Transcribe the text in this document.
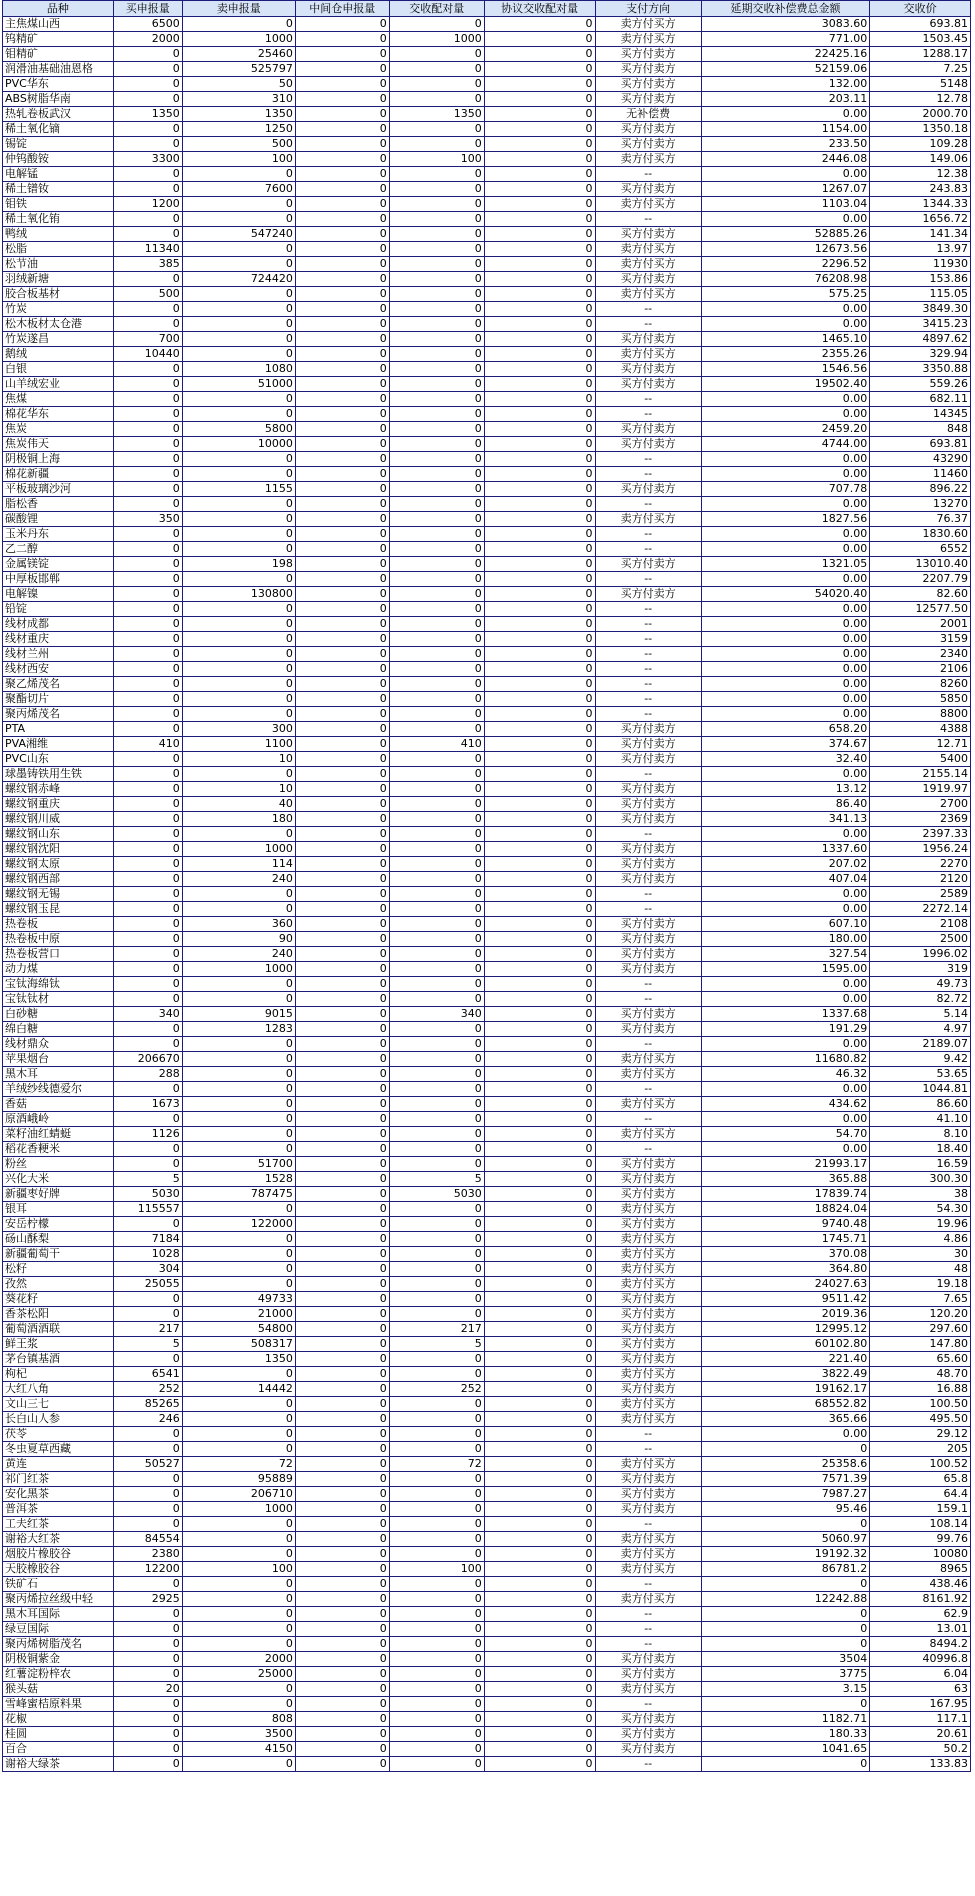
品种	买申报量	卖申报量	中间仓申报量	交收配对量	协议交收配对量	支付方向	延期交收补偿费总金额	交收价
主焦煤山西	6500	0	0	0	0	卖方付买方	3083.60	693.81
钨精矿	2000	1000	0	1000	0	卖方付买方	771.00	1503.45
钼精矿	0	25460	0	0	0	买方付卖方	22425.16	1288.17
润滑油基础油恩格	0	525797	0	0	0	买方付卖方	52159.06	7.25
PVC华东	0	50	0	0	0	买方付卖方	132.00	5148
ABS树脂华南	0	310	0	0	0	买方付卖方	203.11	12.78
热轧卷板武汉	1350	1350	0	1350	0	无补偿费	0.00	2000.70
稀土氧化镝	0	1250	0	0	0	买方付卖方	1154.00	1350.18
锡锭	0	500	0	0	0	买方付卖方	233.50	109.28
仲钨酸铵	3300	100	0	100	0	卖方付买方	2446.08	149.06
电解锰	0	0	0	0	0	--	0.00	12.38
稀土镨钕	0	7600	0	0	0	买方付卖方	1267.07	243.83
钼铁	1200	0	0	0	0	卖方付买方	1103.04	1344.33
稀土氧化铕	0	0	0	0	0	--	0.00	1656.72
鸭绒	0	547240	0	0	0	买方付卖方	52885.26	141.34
松脂	11340	0	0	0	0	卖方付买方	12673.56	13.97
松节油	385	0	0	0	0	卖方付买方	2296.52	11930
羽绒新塘	0	724420	0	0	0	买方付卖方	76208.98	153.86
胶合板基材	500	0	0	0	0	卖方付买方	575.25	115.05
竹炭	0	0	0	0	0	--	0.00	3849.30
松木板材太仓港	0	0	0	0	0	--	0.00	3415.23
竹炭遂昌	700	0	0	0	0	买方付卖方	1465.10	4897.62
鹅绒	10440	0	0	0	0	卖方付买方	2355.26	329.94
白银	0	1080	0	0	0	买方付卖方	1546.56	3350.88
山羊绒宏业	0	51000	0	0	0	买方付卖方	19502.40	559.26
焦煤	0	0	0	0	0	--	0.00	682.11
棉花华东	0	0	0	0	0	--	0.00	14345
焦炭	0	5800	0	0	0	买方付卖方	2459.20	848
焦炭伟天	0	10000	0	0	0	买方付卖方	4744.00	693.81
阴极铜上海	0	0	0	0	0	--	0.00	43290
棉花新疆	0	0	0	0	0	--	0.00	11460
平板玻璃沙河	0	1155	0	0	0	买方付卖方	707.78	896.22
脂松香	0	0	0	0	0	--	0.00	13270
碳酸锂	350	0	0	0	0	卖方付买方	1827.56	76.37
玉米丹东	0	0	0	0	0	--	0.00	1830.60
乙二醇	0	0	0	0	0	--	0.00	6552
金属镁锭	0	198	0	0	0	买方付卖方	1321.05	13010.40
中厚板邯郸	0	0	0	0	0	--	0.00	2207.79
电解镍	0	130800	0	0	0	买方付卖方	54020.40	82.60
铅锭	0	0	0	0	0	--	0.00	12577.50
线材成都	0	0	0	0	0	--	0.00	2001
线材重庆	0	0	0	0	0	--	0.00	3159
线材兰州	0	0	0	0	0	--	0.00	2340
线材西安	0	0	0	0	0	--	0.00	2106
聚乙烯茂名	0	0	0	0	0	--	0.00	8260
聚酯切片	0	0	0	0	0	--	0.00	5850
聚丙烯茂名	0	0	0	0	0	--	0.00	8800
PTA	0	300	0	0	0	买方付卖方	658.20	4388
PVA湘维	410	1100	0	410	0	买方付卖方	374.67	12.71
PVC山东	0	10	0	0	0	买方付卖方	32.40	5400
球墨铸铁用生铁	0	0	0	0	0	--	0.00	2155.14
螺纹钢赤峰	0	10	0	0	0	买方付卖方	13.12	1919.97
螺纹钢重庆	0	40	0	0	0	买方付卖方	86.40	2700
螺纹钢川威	0	180	0	0	0	买方付卖方	341.13	2369
螺纹钢山东	0	0	0	0	0	--	0.00	2397.33
螺纹钢沈阳	0	1000	0	0	0	买方付卖方	1337.60	1956.24
螺纹钢太原	0	114	0	0	0	买方付卖方	207.02	2270
螺纹钢西部	0	240	0	0	0	买方付卖方	407.04	2120
螺纹钢无锡	0	0	0	0	0	--	0.00	2589
螺纹钢玉昆	0	0	0	0	0	--	0.00	2272.14
热卷板	0	360	0	0	0	买方付卖方	607.10	2108
热卷板中原	0	90	0	0	0	买方付卖方	180.00	2500
热卷板营口	0	240	0	0	0	买方付卖方	327.54	1996.02
动力煤	0	1000	0	0	0	买方付卖方	1595.00	319
宝钛海绵钛	0	0	0	0	0	--	0.00	49.73
宝钛钛材	0	0	0	0	0	--	0.00	82.72
白砂糖	340	9015	0	340	0	买方付卖方	1337.68	5.14
绵白糖	0	1283	0	0	0	买方付卖方	191.29	4.97
线材鼎众	0	0	0	0	0	--	0.00	2189.07
苹果烟台	206670	0	0	0	0	卖方付买方	11680.82	9.42
黑木耳	288	0	0	0	0	卖方付买方	46.32	53.65
羊绒纱线德爱尔	0	0	0	0	0	--	0.00	1044.81
香菇	1673	0	0	0	0	卖方付买方	434.62	86.60
原酒峨岭	0	0	0	0	0	--	0.00	41.10
菜籽油红蜻蜓	1126	0	0	0	0	卖方付买方	54.70	8.10
稻花香粳米	0	0	0	0	0	--	0.00	18.40
粉丝	0	51700	0	0	0	买方付卖方	21993.17	16.59
兴化大米	5	1528	0	5	0	买方付卖方	365.88	300.30
新疆枣好牌	5030	787475	0	5030	0	买方付卖方	17839.74	38
银耳	115557	0	0	0	0	卖方付买方	18824.04	54.30
安岳柠檬	0	122000	0	0	0	买方付卖方	9740.48	19.96
砀山酥梨	7184	0	0	0	0	卖方付买方	1745.71	4.86
新疆葡萄干	1028	0	0	0	0	卖方付买方	370.08	30
松籽	304	0	0	0	0	卖方付买方	364.80	48
孜然	25055	0	0	0	0	卖方付买方	24027.63	19.18
葵花籽	0	49733	0	0	0	买方付卖方	9511.42	7.65
香茶松阳	0	21000	0	0	0	买方付卖方	2019.36	120.20
葡萄酒酒联	217	54800	0	217	0	买方付卖方	12995.12	297.60
鲜王浆	5	508317	0	5	0	买方付卖方	60102.80	147.80
茅台镇基酒	0	1350	0	0	0	买方付卖方	221.40	65.60
枸杞	6541	0	0	0	0	卖方付买方	3822.49	48.70
大红八角	252	14442	0	252	0	买方付卖方	19162.17	16.88
文山三七	85265	0	0	0	0	卖方付买方	68552.82	100.50
长白山人参	246	0	0	0	0	卖方付买方	365.66	495.50
茯苓	0	0	0	0	0	--	0.00	29.12
冬虫夏草西藏	0	0	0	0	0	--	0	205
黄连	50527	72	0	72	0	卖方付买方	25358.6	100.52
祁门红茶	0	95889	0	0	0	买方付卖方	7571.39	65.8
安化黑茶	0	206710	0	0	0	买方付卖方	7987.27	64.4
普洱茶	0	1000	0	0	0	买方付卖方	95.46	159.1
工夫红茶	0	0	0	0	0	--	0	108.14
谢裕大红茶	84554	0	0	0	0	卖方付买方	5060.97	99.76
烟胶片橡胶谷	2380	0	0	0	0	卖方付买方	19192.32	10080
天胶橡胶谷	12200	100	0	100	0	卖方付买方	86781.2	8965
铁矿石	0	0	0	0	0	--	0	438.46
聚丙烯拉丝级中轻	2925	0	0	0	0	卖方付买方	12242.88	8161.92
黑木耳国际	0	0	0	0	0	--	0	62.9
绿豆国际	0	0	0	0	0	--	0	13.01
聚丙烯树脂茂名	0	0	0	0	0	--	0	8494.2
阴极铜紫金	0	2000	0	0	0	买方付卖方	3504	40996.8
红薯淀粉梓农	0	25000	0	0	0	买方付卖方	3775	6.04
猴头菇	20	0	0	0	0	卖方付买方	3.15	63
雪峰蜜桔原料果	0	0	0	0	0	--	0	167.95
花椒	0	808	0	0	0	买方付卖方	1182.71	117.1
桂圆	0	3500	0	0	0	买方付卖方	180.33	20.61
百合	0	4150	0	0	0	买方付卖方	1041.65	50.2
谢裕大绿茶	0	0	0	0	0	--	0	133.83
